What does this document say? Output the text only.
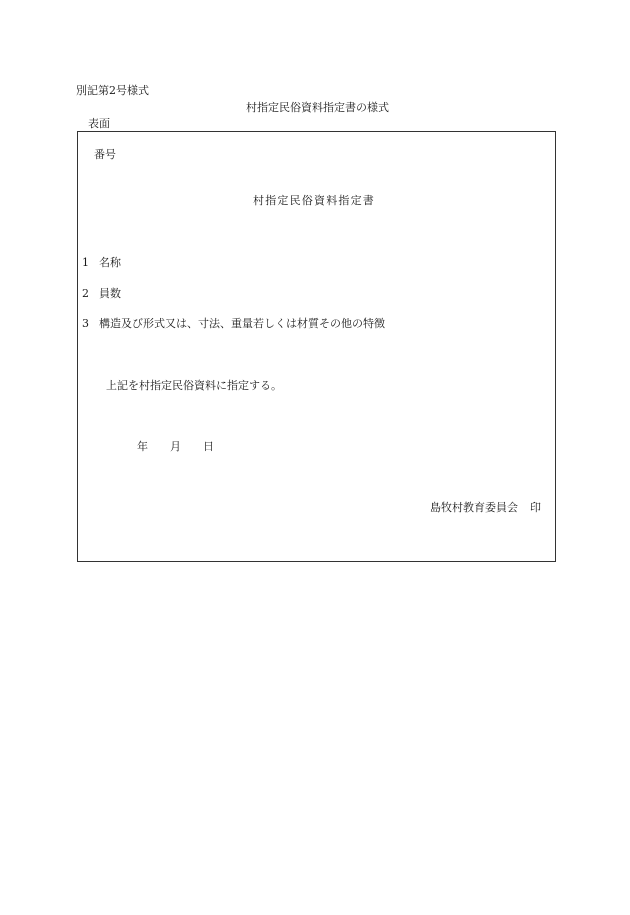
別記第2号様式
村指定民俗資料指定書の様式
表面
番号
村指定民俗資料指定書
1 名称
2 員数
3 構造及び形式又は、寸法、重量若しくは材質その他の特徴
上記を村指定民俗資料に指定する。
年 月 日
島牧村教育委員会 印
